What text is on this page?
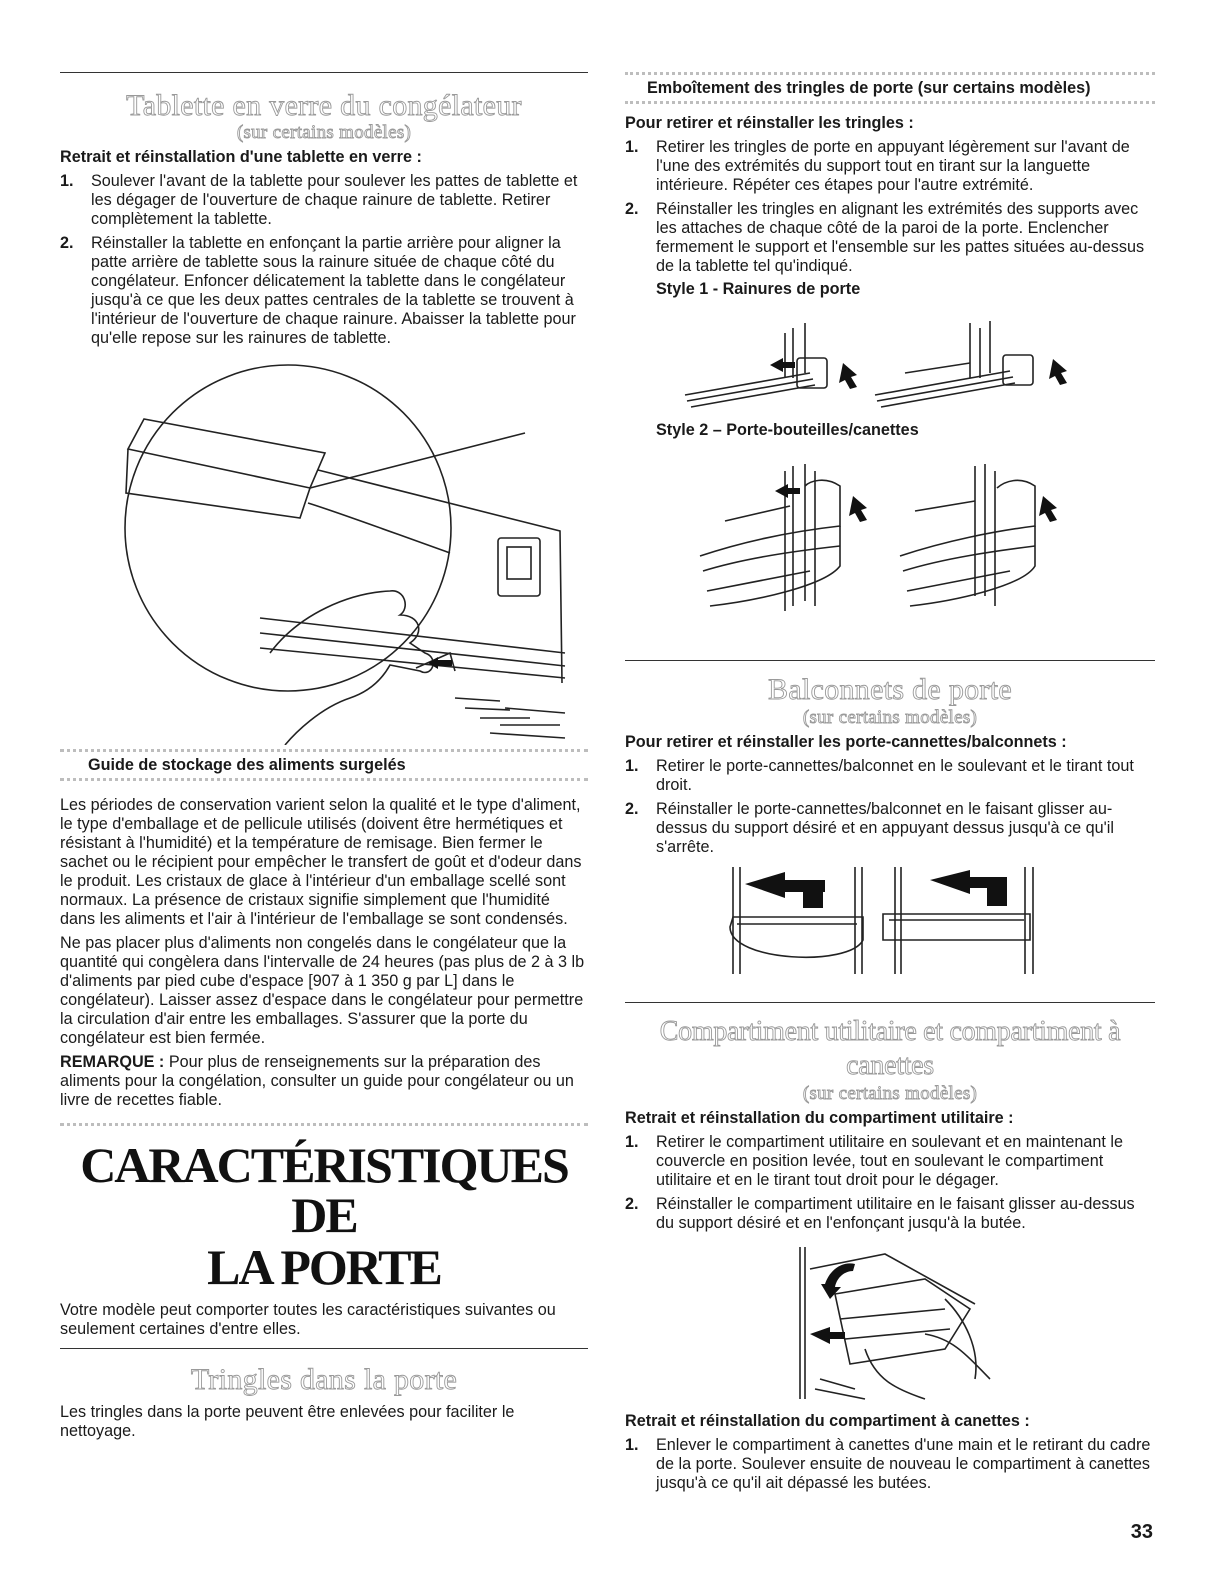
Tablette en verre du congélateur

(sur certains modèles)

Retrait et réinstallation d'une tablette en verre :

1. Soulever l'avant de la tablette pour soulever les pattes de tablette et les dégager de l'ouverture de chaque rainure de tablette. Retirer complètement la tablette.
2. Réinstaller la tablette en enfonçant la partie arrière pour aligner la patte arrière de tablette sous la rainure située de chaque côté du congélateur. Enfoncer délicatement la tablette dans le congélateur jusqu'à ce que les deux pattes centrales de la tablette se trouvent à l'intérieur de l'ouverture de chaque rainure. Abaisser la tablette pour qu'elle repose sur les rainures de tablette.
Guide de stockage des aliments surgelés

Les périodes de conservation varient selon la qualité et le type d'aliment, le type d'emballage et de pellicule utilisés (doivent être hermétiques et résistant à l'humidité) et la température de remisage. Bien fermer le sachet ou le récipient pour empêcher le transfert de goût et d'odeur dans le produit. Les cristaux de glace à l'intérieur d'un emballage scellé sont normaux. La présence de cristaux signifie simplement que l'humidité dans les aliments et l'air à l'intérieur de l'emballage se sont condensés.

Ne pas placer plus d'aliments non congelés dans le congélateur que la quantité qui congèlera dans l'intervalle de 24 heures (pas plus de 2 à 3 lb d'aliments par pied cube d'espace [907 à 1 350 g par L] dans le congélateur). Laisser assez d'espace dans le congélateur pour permettre la circulation d'air entre les emballages. S'assurer que la porte du congélateur est bien fermée.

REMARQUE : Pour plus de renseignements sur la préparation des aliments pour la congélation, consulter un guide pour congélateur ou un livre de recettes fiable.

CARACTÉRISTIQUES DE

LA PORTE

Votre modèle peut comporter toutes les caractéristiques suivantes ou seulement certaines d'entre elles.

Tringles dans la porte

Les tringles dans la porte peuvent être enlevées pour faciliter le nettoyage.

Emboîtement des tringles de porte (sur certains modèles)

Pour retirer et réinstaller les tringles :

1. Retirer les tringles de porte en appuyant légèrement sur l'avant de l'une des extrémités du support tout en tirant sur la languette intérieure. Répéter ces étapes pour l'autre extrémité.
2. Réinstaller les tringles en alignant les extrémités des supports avec les attaches de chaque côté de la paroi de la porte. Enclencher fermement le support et l'ensemble sur les pattes situées au-dessus de la tablette tel qu'indiqué.

Style 1 - Rainures de porte

Style 2 – Porte-bouteilles/canettes

Balconnets de porte

(sur certains modèles)

Pour retirer et réinstaller les porte-cannettes/balconnets :

1. Retirer le porte-cannettes/balconnet en le soulevant et le tirant tout droit.
2. Réinstaller le porte-cannettes/balconnet en le faisant glisser au-dessus du support désiré et en appuyant dessus jusqu'à ce qu'il s'arrête.

Compartiment utilitaire et compartiment à canettes

(sur certains modèles)

Retrait et réinstallation du compartiment utilitaire :

1. Retirer le compartiment utilitaire en soulevant et en maintenant le couvercle en position levée, tout en soulevant le compartiment utilitaire et en le tirant tout droit pour le dégager.
2. Réinstaller le compartiment utilitaire en le faisant glisser au-dessus du support désiré et en l'enfonçant jusqu'à la butée.

Retrait et réinstallation du compartiment à canettes :

1. Enlever le compartiment à canettes d'une main et le retirant du cadre de la porte. Soulever ensuite de nouveau le compartiment à canettes jusqu'à ce qu'il ait dépassé les butées.
33
